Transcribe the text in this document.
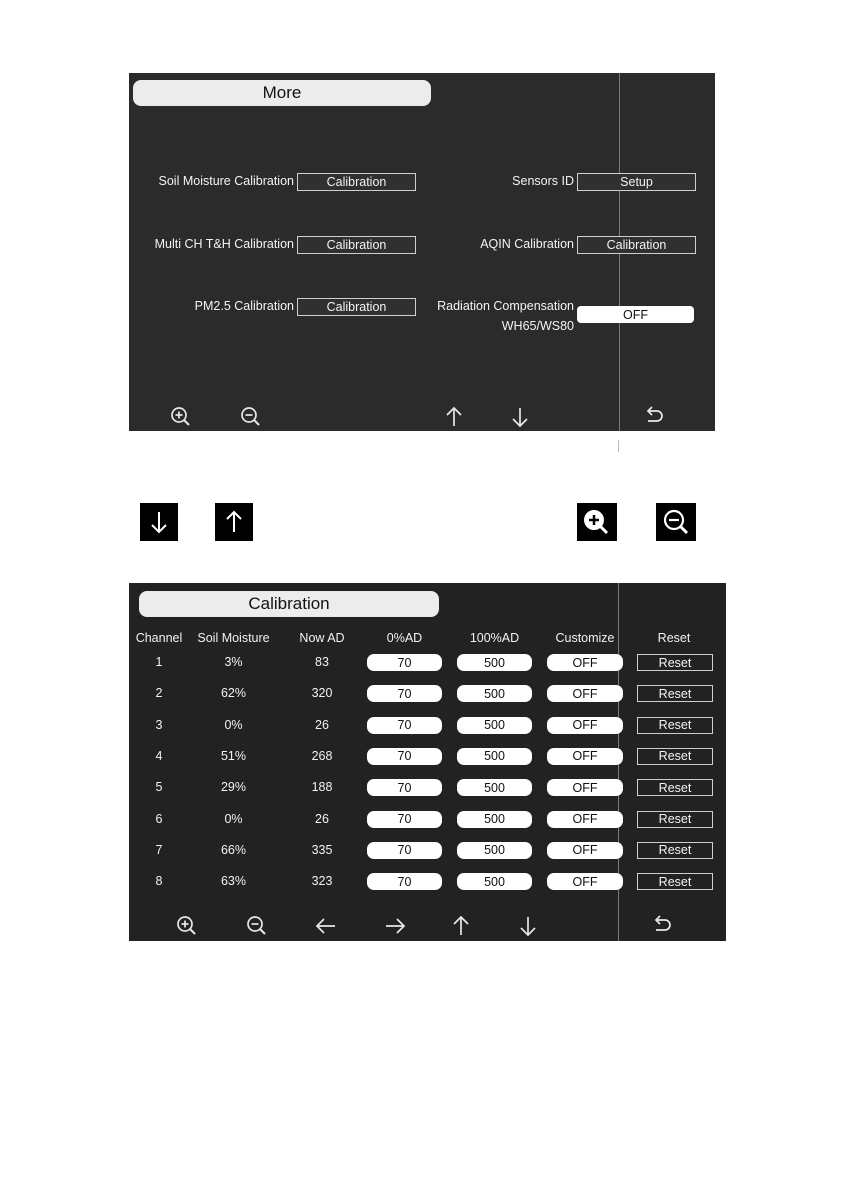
More
Soil Moisture Calibration	Calibration
Multi CH T&H Calibration	Calibration
PM2.5 Calibration	Calibration
Sensors ID	Setup
AQIN Calibration	Calibration
Radiation Compensation
WH65/WS80
OFF
Calibration
Channel	Soil Moisture	Now AD	0%AD	100%AD	Customize	Reset
1	3%	83	70	500	OFF	Reset
2	62%	320	70	500	OFF	Reset
3	0%	26	70	500	OFF	Reset
4	51%	268	70	500	OFF	Reset
5	29%	188	70	500	OFF	Reset
6	0%	26	70	500	OFF	Reset
7	66%	335	70	500	OFF	Reset
8	63%	323	70	500	OFF	Reset
